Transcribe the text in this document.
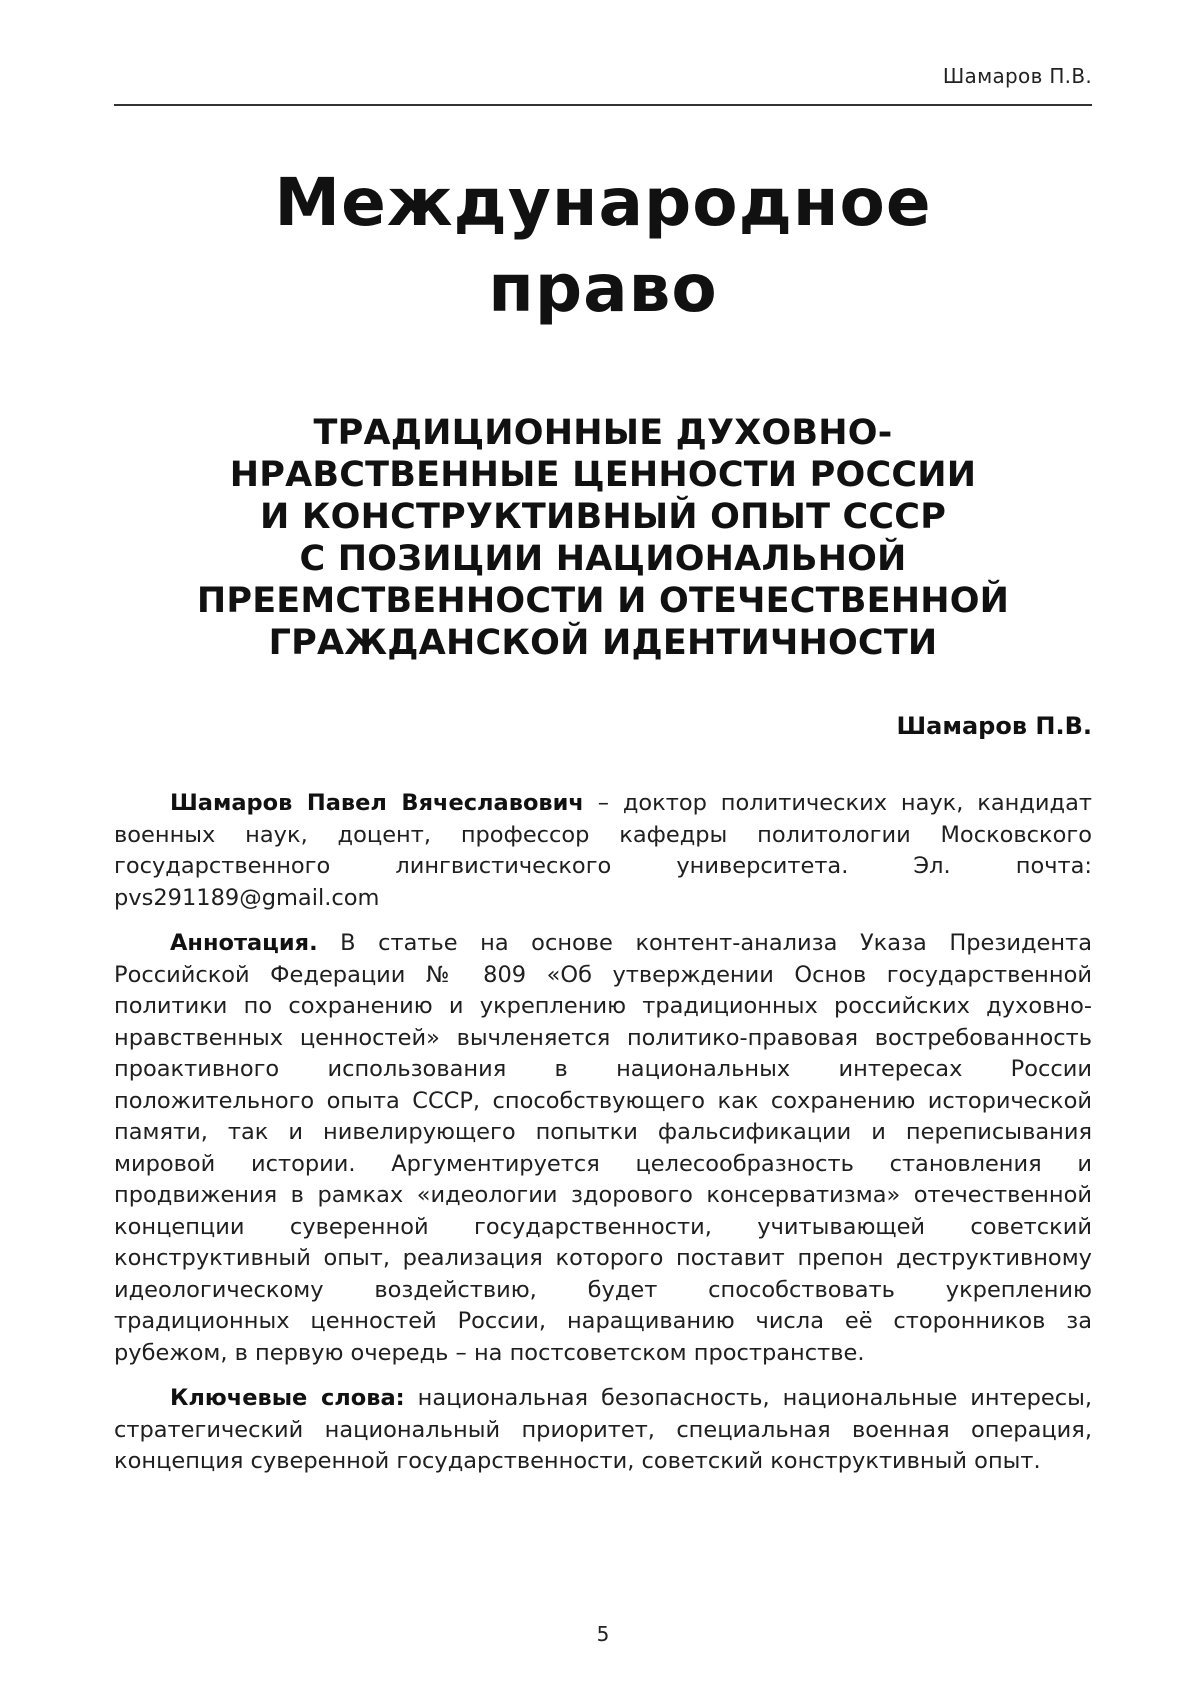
Шамаров П.В.
Международное
право
ТРАДИЦИОННЫЕ ДУХОВНО-
НРАВСТВЕННЫЕ ЦЕННОСТИ РОССИИ
И КОНСТРУКТИВНЫЙ ОПЫТ СССР
С ПОЗИЦИИ НАЦИОНАЛЬНОЙ
ПРЕЕМСТВЕННОСТИ И ОТЕЧЕСТВЕННОЙ
ГРАЖДАНСКОЙ ИДЕНТИЧНОСТИ
Шамаров П.В.

Шамаров Павел Вячеславович – доктор политических наук, кандидат военных наук, доцент, профессор кафедры политологии Московского государственного лингвистического университета. Эл. почта: pvs291189@gmail.com

Аннотация. В статье на основе контент-анализа Указа Президента Российской Федерации № 809 «Об утверждении Основ государственной политики по сохранению и укреплению традиционных российских духовно-нравственных ценностей» вычленяется политико-правовая востребованность проактивного использования в национальных интересах России положительного опыта СССР, способствующего как сохранению исторической памяти, так и нивелирующего попытки фальсификации и переписывания мировой истории. Аргументируется целесообразность становления и продвижения в рамках «идеологии здорового консерватизма» отечественной концепции суверенной государственности, учитывающей советский конструктивный опыт, реализация которого поставит препон деструктивному идеологическому воздействию, будет способствовать укреплению традиционных ценностей России, наращиванию числа её сторонников за рубежом, в первую очередь – на постсоветском пространстве.

Ключевые слова: национальная безопасность, национальные интересы, стратегический национальный приоритет, специальная военная операция, концепция суверенной государственности, советский конструктивный опыт.

5
